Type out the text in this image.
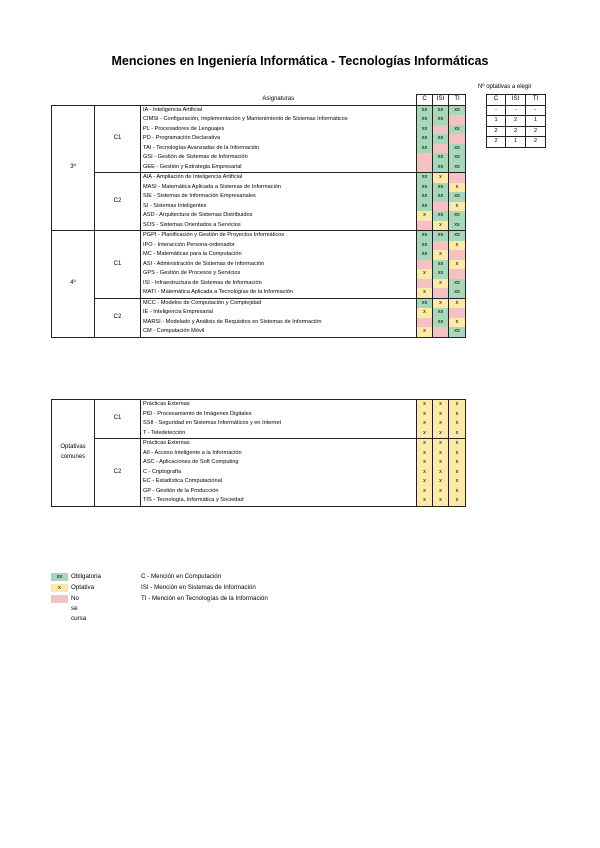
Menciones en Ingeniería Informática - Tecnologías Informáticas
Nº optativas a elegir
		Asignaturas	C	ISI	TI
3º	C1	IA - Inteligencia Artificial	xx	xx	xx
		CIMSI - Configuración, Implementación y Mantenimiento de Sistemas Informáticos	xx	xx	
		PL - Procesadores de Lenguajes	xx		xx
		PD - Programación Declarativa	xx	xx	
		TAI - Tecnologías Avanzadas de la Información	xx		xx
		GSI - Gestión de Sistemas de Información		xx	xx
		GEE - Gestión y Estrategia Empresarial		xx	xx
	C2	AIA - Ampliación de Inteligencia Artificial	xx	x	
		MASI - Matemática Aplicada a Sistemas de Información	xx	xx	x
		SIE - Sistemas de Información Empresariales	xx	xx	xx
		SI - Sistemas Inteligentes	xx		x
		ASD - Arquitectura de Sistemas Distribuidos	x	xx	xx
		SOS - Sistemas Orientados a Servicios		x	xx
4º	C1	PGPI - Planificación y Gestión de Proyectos Informáticos	xx	xx	xx
		IPO - Interacción Persona-ordenador	xx		x
		MC - Matemáticas para la Computación	xx	x	
		ASI - Administración de Sistemas de Información		xx	x
		GPS - Gestión de Procesos y Servicios	x	xx	
		ISI - Infraestructura de Sistemas de Información		x	xx
		MATI - Matemática Aplicada a Tecnologías de la Información	x		xx
	C2	MCC - Modelos de Computación y Complejidad	xx	x	x
		IE - Inteligencia Empresarial	x	xx	
		MARSI - Modelado y Análisis de Requisitos en Sistemas de Información		xx	x
		CM - Computación Móvil	x		xx
C	ISI	TI
-	-	-

1	2	1

2	2	2

2	1	2

Optativas
comunes	C1	Prácticas Externas	x	x	x
		PID - Procesamiento de Imágenes Digitales	x	x	x
		SSII - Seguridad en Sistemas Informáticos y en Internet	x	x	x
		T - Teledetección	x	x	x
	C2	Prácticas Externas	x	x	x
		AII - Acceso Inteligente a la Información	x	x	x
		ASC - Aplicaciones de Soft Computing	x	x	x
		C - Criptografía	x	x	x
		EC - Estadística Computacional	x	x	x
		GP - Gestión de la Producción	x	x	x
		TIS - Tecnología, Informática y Sociedad	x	x	x
xx	Obligatoria	C - Mención en Computación
x	Optativa	ISI - Mención en Sistemas de Información
No se cursa
TI - Mención en Tecnologías de la Información
